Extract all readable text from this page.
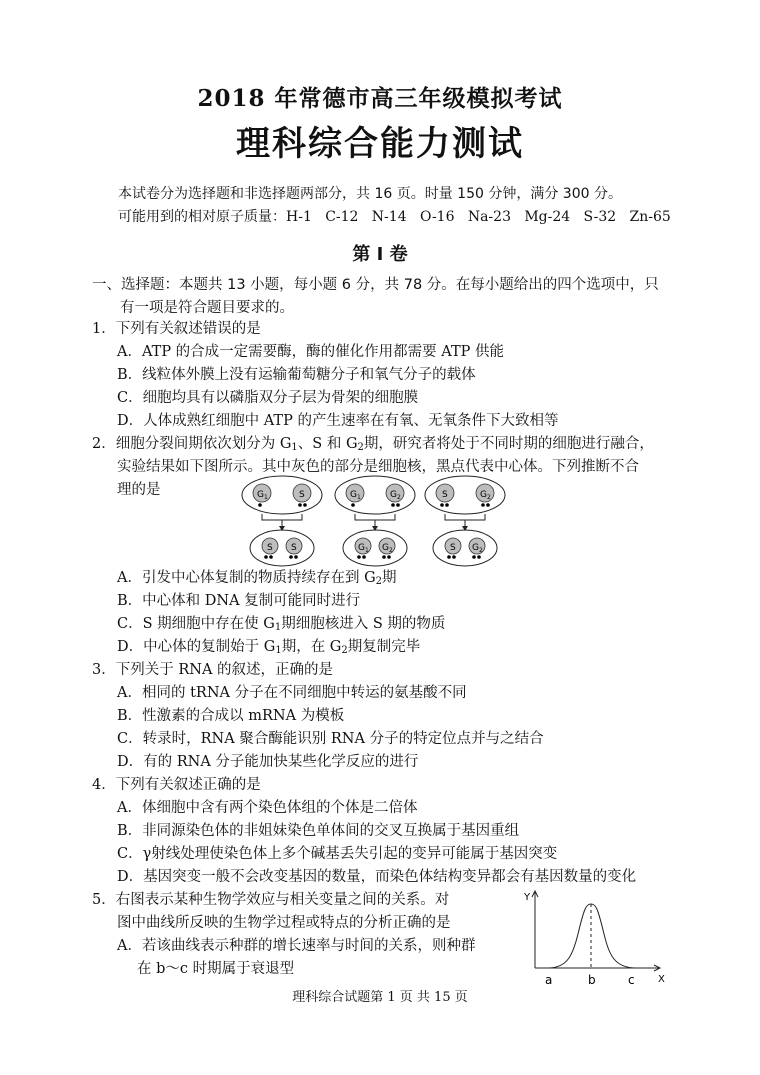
2018 年常德市高三年级模拟考试
理科综合能力测试
本试卷分为选择题和非选择题两部分，共 16 页。时量 150 分钟，满分 300 分。
可能用到的相对原子质量：H-1   C-12   N-14   O-16   Na-23   Mg-24   S-32   Zn-65
第 Ⅰ 卷
一、选择题：本题共 13 小题，每小题 6 分，共 78 分。在每小题给出的四个选项中，只
有一项是符合题目要求的。
1．下列有关叙述错误的是
A．ATP 的合成一定需要酶，酶的催化作用都需要 ATP 供能
B．线粒体外膜上没有运输葡萄糖分子和氧气分子的载体
C．细胞均具有以磷脂双分子层为骨架的细胞膜
D．人体成熟红细胞中 ATP 的产生速率在有氧、无氧条件下大致相等
2．细胞分裂间期依次划分为 $G_1$、S 和 $G_2$期，研究者将处于不同时期的细胞进行融合，
实验结果如下图所示。其中灰色的部分是细胞核，黑点代表中心体。下列推断不合
理的是	$G_1$	S	$G_1$	$G_2$	S	$G_2$
S S	$G_1$ $G_2$	S $G_2$
A．引发中心体复制的物质持续存在到 $G_2$期
B．中心体和 DNA 复制可能同时进行
C．S 期细胞中存在使 $G_1$期细胞核进入 S 期的物质
D．中心体的复制始于 $G_1$期，在 $G_2$期复制完毕
3．下列关于 RNA 的叙述，正确的是
A．相同的 tRNA 分子在不同细胞中转运的氨基酸不同
B．性激素的合成以 mRNA 为模板
C．转录时，RNA 聚合酶能识别 RNA 分子的特定位点并与之结合
D．有的 RNA 分子能加快某些化学反应的进行
4．下列有关叙述正确的是
A．体细胞中含有两个染色体组的个体是二倍体
B．非同源染色体的非姐妹染色单体间的交叉互换属于基因重组
C．γ射线处理使染色体上多个碱基丢失引起的变异可能属于基因突变
D．基因突变一般不会改变基因的数量，而染色体结构变异都会有基因数量的变化
5．右图表示某种生物学效应与相关变量之间的关系。对
图中曲线所反映的生物学过程或特点的分析正确的是
A．若该曲线表示种群的增长速率与时间的关系，则种群
在 b～c 时期属于衰退型
Y
X
a	b	c
理科综合试题第 1 页 共 15 页
